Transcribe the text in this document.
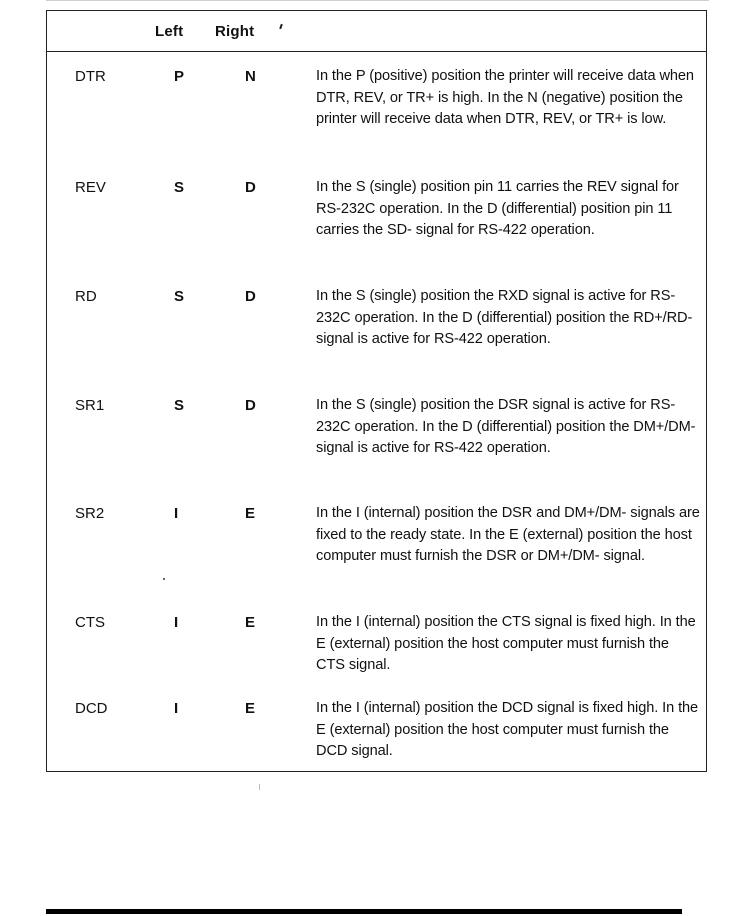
Left Right
DTR	P	N	In the P (positive) position the printer will receive data when DTR, REV, or TR+ is high. In the N (negative) position the printer will receive data when DTR, REV, or TR+ is low.
REV	S	D	In the S (single) position pin 11 carries the REV signal for RS-232C operation. In the D (differential) position pin 11 carries the SD- signal for RS-422 operation.
RD	S	D	In the S (single) position the RXD signal is active for RS-232C operation. In the D (differential) position the RD+/RD- signal is active for RS-422 operation.
SR1	S	D	In the S (single) position the DSR signal is active for RS-232C operation. In the D (differential) position the DM+/DM- signal is active for RS-422 operation.
SR2	I	E	In the I (internal) position the DSR and DM+/DM- signals are fixed to the ready state. In the E (external) position the host computer must furnish the DSR or DM+/DM- signal.
CTS	I	E	In the I (internal) position the CTS signal is fixed high. In the E (external) position the host computer must furnish the CTS signal.
DCD	I	E	In the I (internal) position the DCD signal is fixed high. In the E (external) position the host computer must furnish the DCD signal.
